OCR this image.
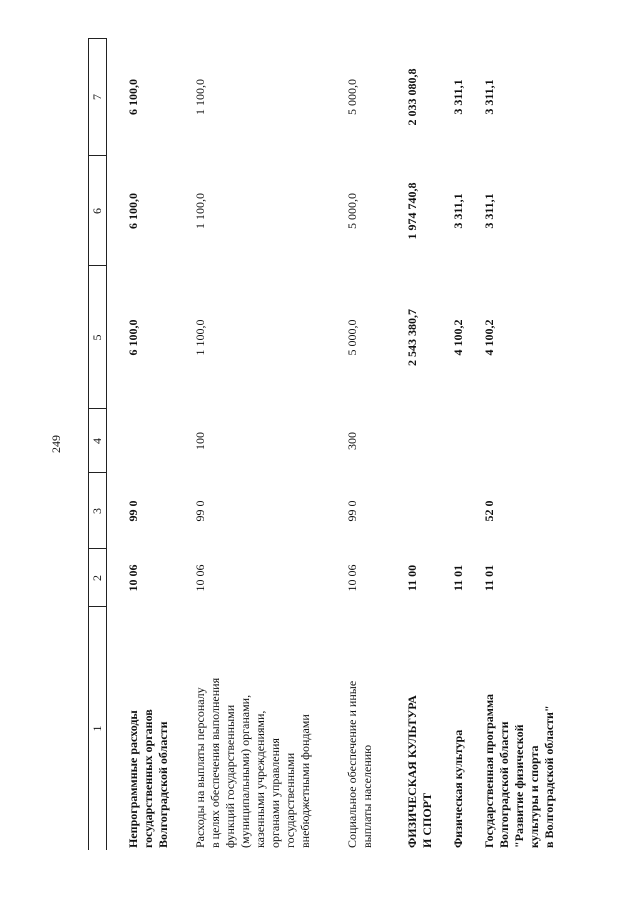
249
1
2
3
4
5
6
7
Непрограммные расходы
государственных органов
Волгоградской области
10 06
99 0
6 100,0
6 100,0
6 100,0
Расходы на выплаты персоналу
в целях обеспечения выполнения
функций государственными
(муниципальными) органами,
казенными учреждениями,
органами управления
государственными
внебюджетными фондами
10 06
99 0
100
1 100,0
1 100,0
1 100,0
Социальное обеспечение и иные
выплаты населению
10 06
99 0
300
5 000,0
5 000,0
5 000,0
ФИЗИЧЕСКАЯ КУЛЬТУРА
И СПОРТ
11 00
2 543 380,7
1 974 740,8
2 033 080,8
Физическая культура
11 01
4 100,2
3 311,1
3 311,1
Государственная программа
Волгоградской области
"Развитие физической
культуры и спорта
в Волгоградской области"
11 01
52 0
4 100,2
3 311,1
3 311,1
